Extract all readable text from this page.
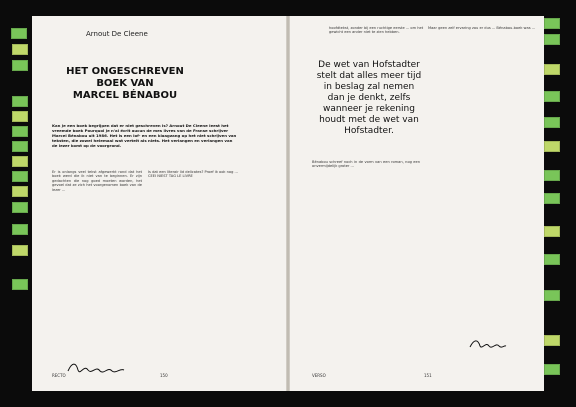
Arnout De Cleene
HET ONGESCHREVEN BOEK VAN
MARCEL BÉNABOU
Kan je een boek begrijpen dat er niet geschreven is? Arnout De Cleene leest het vreemde boek Pourquoi je n'ai écrit aucun de mes livres van de Franse schrijver Marcel Bénabou uit 1986. Het is een lof- en een klaagzang op het niet schrijven van teksten, die zowel helemaal wat vertelt als niets. Het verlangen en verlangen van de lezer komt op de voorgrond.
Er is onlangs veel tekst afgewerkt rond dat het boek werd die ik niet van te beginnen. Er zijn gedachten die nog goed moeten worden, het gevoel dat ze zich het voorgenomen boek van de lezer ...
Is dat een literair lid delicates? Proef ik ook nog ... CEEI NIEST TAG LE LIVRE
RECTO	150
hoofdtekst, zonder bij een ruchtige eerste ... om het gewicht een ander niet te zien hebben.
De wet van Hofstadter stelt dat alles meer tijd in beslag zal nemen dan je denkt, zelfs wanneer je rekening houdt met de wet van Hofstadter.
Bénabou schreef noch in de vorm van een roman, nog een onvermijdelijk groter ...
Maar geen zelf ervaring zou er dus ... Bénabou-boek was ...
VERSO	151
